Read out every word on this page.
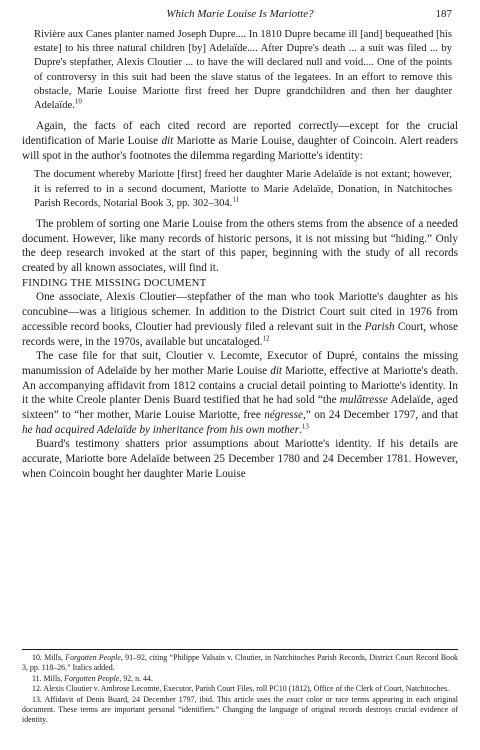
Which Marie Louise Is Mariotte?	187

Rivière aux Canes planter named Joseph Dupre.... In 1810 Dupre became ill [and] bequeathed [his estate] to his three natural children [by] Adelaïde.... After Dupre's death ... a suit was filed ... by Dupre's stepfather, Alexis Cloutier ... to have the will declared null and void.... One of the points of controversy in this suit had been the slave status of the legatees. In an effort to remove this obstacle, Marie Louise Mariotte first freed her Dupre grandchildren and then her daughter Adelaïde.$^{10}$

Again, the facts of each cited record are reported correctly—except for the crucial identification of Marie Louise dit Mariotte as Marie Louise, daughter of Coincoin. Alert readers will spot in the author's footnotes the dilemma regarding Mariotte's identity:

The document whereby Mariotte [first] freed her daughter Marie Adelaïde is not extant; however, it is referred to in a second document, Mariotte to Marie Adelaïde, Donation, in Natchitoches Parish Records, Notarial Book 3, pp. 302–304.11

The problem of sorting one Marie Louise from the others stems from the absence of a needed document. However, like many records of historic persons, it is not missing but “hiding.” Only the deep research invoked at the start of this paper, beginning with the study of all records created by all known associates, will find it.

FINDING THE MISSING DOCUMENT

One associate, Alexis Cloutier—stepfather of the man who took Mariotte's daughter as his concubine—was a litigious schemer. In addition to the District Court suit cited in 1976 from accessible record books, Cloutier had previously filed a relevant suit in the Parish Court, whose records were, in the 1970s, available but uncataloged.$^{12}$

The case file for that suit, Cloutier v. Lecomte, Executor of Dupré, contains the missing manumission of Adelaïde by her mother Marie Louise dit Mariotte, effective at Mariotte's death. An accompanying affidavit from 1812 contains a crucial detail pointing to Mariotte's identity. In it the white Creole planter Denis Buard testified that he had sold “the mulâtresse Adelaïde, aged sixteen” to “her mother, Marie Louise Mariotte, free négresse,” on 24 December 1797, and that he had acquired Adelaïde by inheritance from his own mother.$^{13}$

Buard's testimony shatters prior assumptions about Mariotte's identity. If his details are accurate, Mariotte bore Adelaïde between 25 December 1780 and 24 December 1781. However, when Coincoin bought her daughter Marie Louise

10. Mills, Forgotten People, 91–92, citing “Philippe Valsain v. Cloutier, in Natchitoches Parish Records, District Court Record Book 3, pp. 118–26.” Italics added.

11. Mills, Forgotten People, 92, n. 44.

12. Alexis Cloutier v. Ambrose Lecomte, Executor, Parish Court Files, roll PC10 (1812), Office of the Clerk of Court, Natchitoches.

13. Affidavit of Denis Buard, 24 December 1797, ibid. This article uses the exact color or race terms appearing in each original document. These terms are important personal “identifiers.” Changing the language of original records destroys crucial evidence of identity.
